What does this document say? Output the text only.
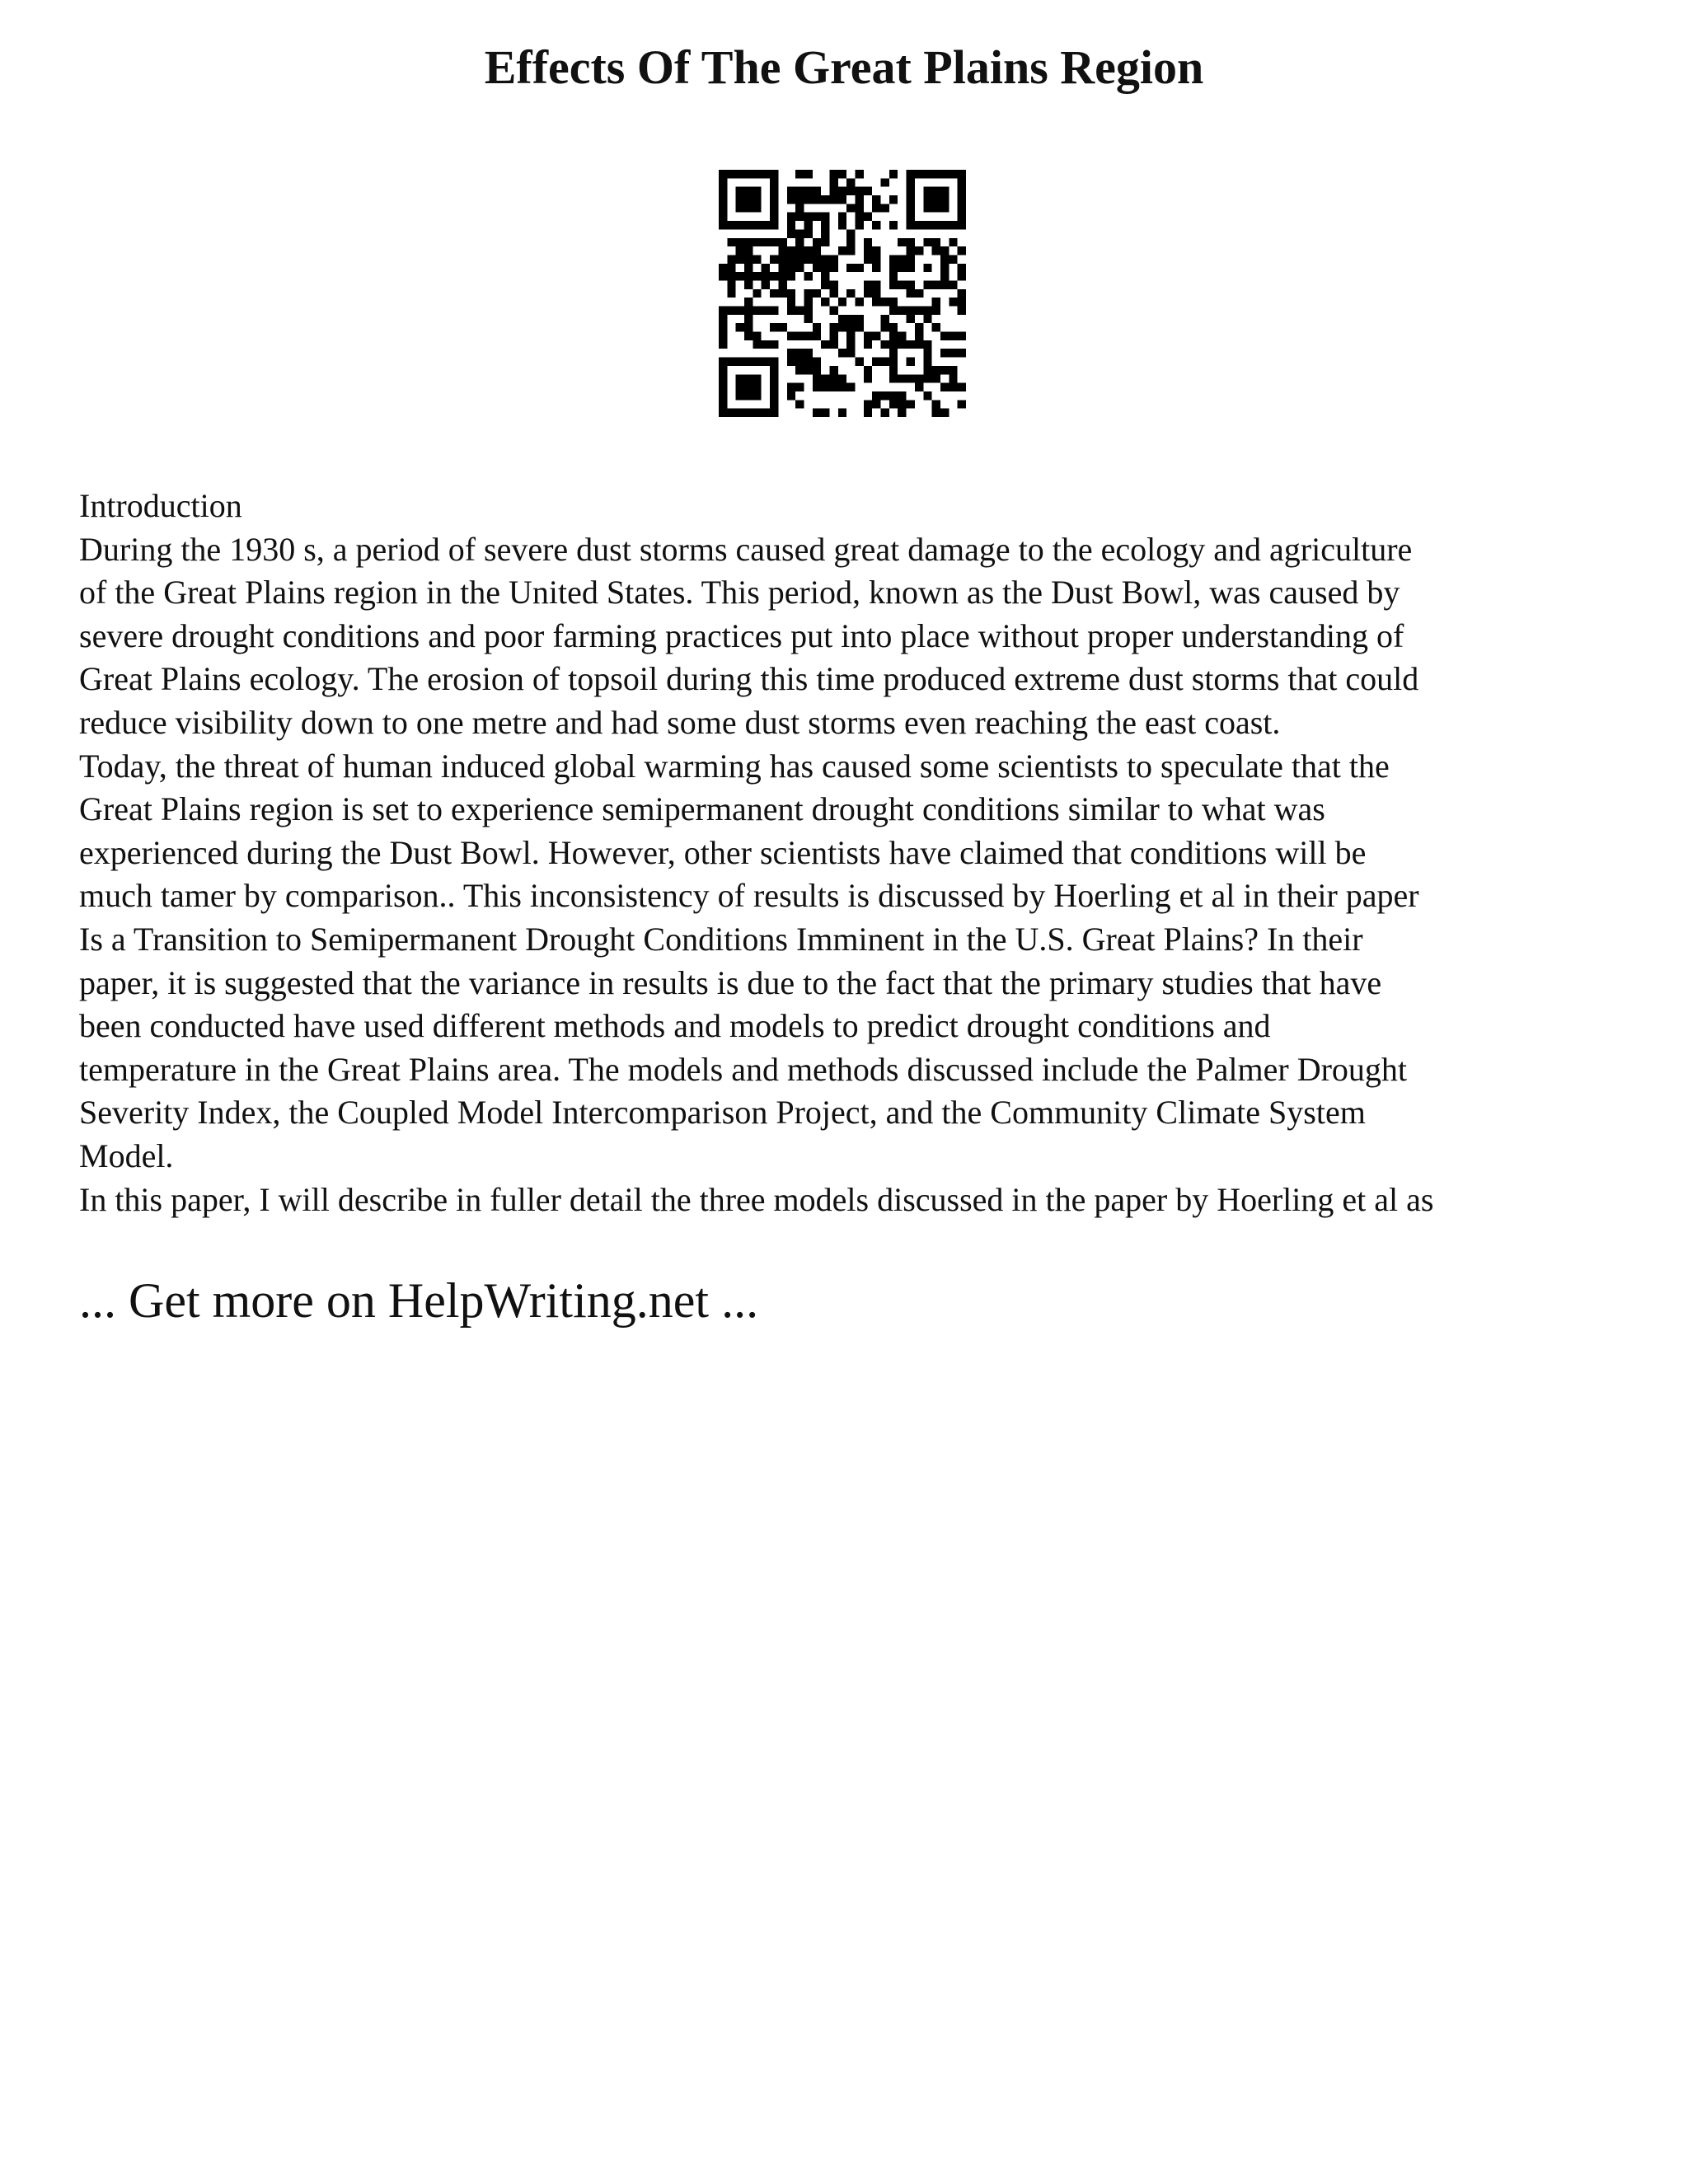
Effects Of The Great Plains Region

Introduction

During the 1930 s, a period of severe dust storms caused great damage to the ecology and agriculture
of the Great Plains region in the United States. This period, known as the Dust Bowl, was caused by
severe drought conditions and poor farming practices put into place without proper understanding of
Great Plains ecology. The erosion of topsoil during this time produced extreme dust storms that could
reduce visibility down to one metre and had some dust storms even reaching the east coast.

Today, the threat of human induced global warming has caused some scientists to speculate that the
Great Plains region is set to experience semipermanent drought conditions similar to what was
experienced during the Dust Bowl. However, other scientists have claimed that conditions will be
much tamer by comparison.. This inconsistency of results is discussed by Hoerling et al in their paper
Is a Transition to Semipermanent Drought Conditions Imminent in the U.S. Great Plains? In their
paper, it is suggested that the variance in results is due to the fact that the primary studies that have
been conducted have used different methods and models to predict drought conditions and
temperature in the Great Plains area. The models and methods discussed include the Palmer Drought
Severity Index, the Coupled Model Intercomparison Project, and the Community Climate System
Model.

In this paper, I will describe in fuller detail the three models discussed in the paper by Hoerling et al as

... Get more on HelpWriting.net ...
